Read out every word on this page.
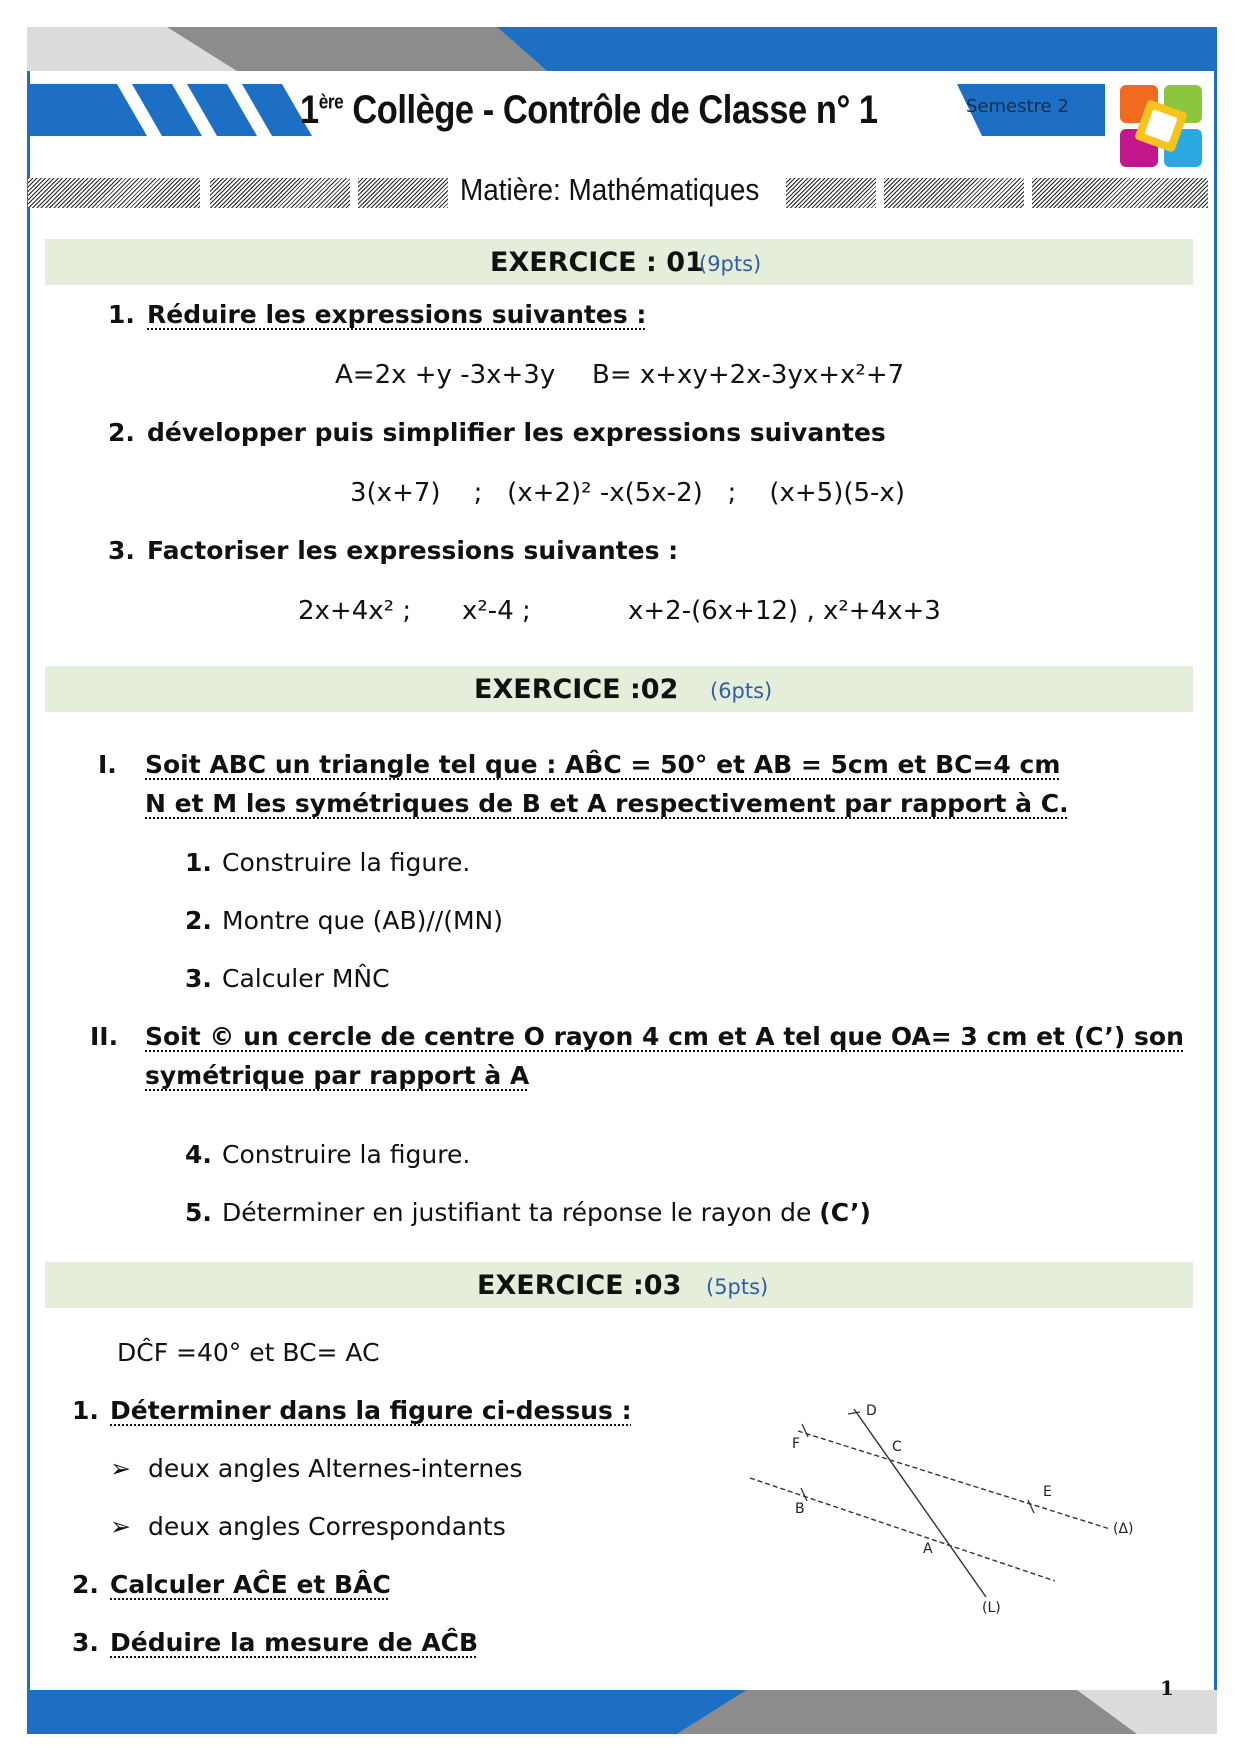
1ère Collège - Contrôle de Classe n° 1	Semestre 2
Matière: Mathématiques
EXERCICE : 01
(9pts)
1. Réduire les expressions suivantes :
A=2x +y -3x+3y B= x+xy+2x-3yx+x²+7
2. développer puis simplifier les expressions suivantes
3(x+7)    ;   (x+2)² -x(5x-2)   ;    (x+5)(5-x)
3. Factoriser les expressions suivantes :
2x+4x² ; x²-4 ;	x+2-(6x+12) , x²+4x+3
EXERCICE :02 (6pts)
I. Soit ABC un triangle tel que : AB̂C = 50° et AB = 5cm et BC=4 cm
N et M les symétriques de B et A respectivement par rapport à C.
1. Construire la figure.
2. Montre que (AB)//(MN)
3. Calculer MN̂C
II. Soit © un cercle de centre O rayon 4 cm et A tel que OA= 3 cm et (C’) son
symétrique par rapport à A
4. Construire la figure.
5. Déterminer en justifiant ta réponse le rayon de (C’)
EXERCICE :03 (5pts)
DĈF =40° et BC= AC
1. Déterminer dans la figure ci-dessus :
➢ deux angles Alternes-internes
➢ deux angles Correspondants
2. Calculer AĈE et BÂC
3. Déduire la mesure de AĈB
D
F	C
E
B
A
(Δ)
(L)
1
